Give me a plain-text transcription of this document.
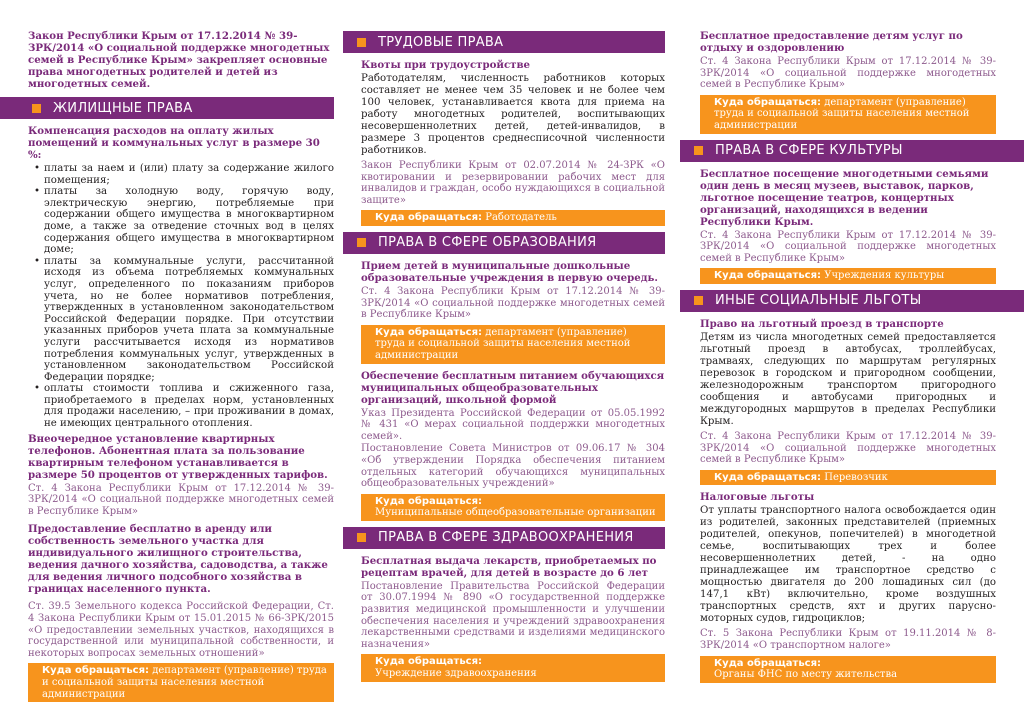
Закон Республики Крым от 17.12.2014 № 39-ЗРК/2014 «О социальной поддержке многодетных семей в Республике Крым» закрепляет основные права многодетных родителей и детей из многодетных семей.

ЖИЛИЩНЫЕ ПРАВА

Компенсация расходов на оплату жилых помещений и коммунальных услуг в размере 30 %:

• платы за наем и (или) плату за содержание жилого помещения;
• платы за холодную воду, горячую воду, электрическую энергию, потребляемые при содержании общего имущества в многоквартирном доме, а также за отведение сточных вод в целях содержания общего имущества в многоквартирном доме;
• платы за коммунальные услуги, рассчитанной исходя из объема потребляемых коммунальных услуг, определенного по показаниям приборов учета, но не более нормативов потребления, утвержденных в установленном законодательством Российской Федерации порядке. При отсутствии указанных приборов учета плата за коммунальные услуги рассчитывается исходя из нормативов потребления коммунальных услуг, утвержденных в установленном законодательством Российской Федерации порядке;
• оплаты стоимости топлива и сжиженного газа, приобретаемого в пределах норм, установленных для продажи населению, – при проживании в домах, не имеющих центрального отопления.

Внеочередное установление квартирных телефонов. Абонентная плата за пользование квартирным телефоном устанавливается в размере 50 процентов от утвержденных тарифов.

Ст. 4 Закона Республики Крым от 17.12.2014 № 39-ЗРК/2014 «О социальной поддержке многодетных семей в Республике Крым»

Предоставление бесплатно в аренду или собственность земельного участка для индивидуального жилищного строительства, ведения дачного хозяйства, садоводства, а также для ведения личного подсобного хозяйства в границах населенного пункта.

Ст. 39.5 Земельного кодекса Российской Федерации, Ст. 4 Закона Республики Крым от 15.01.2015 № 66-ЗРК/2015 «О предоставлении земельных участков, находящихся в государственной или муниципальной собственности, и некоторых вопросах земельных отношений»

Куда обращаться: департамент (управление) труда и социальной защиты населения местной администрации
ТРУДОВЫЕ ПРАВА

Квоты при трудоустройстве

Работодателям, численность работников которых составляет не менее чем 35 человек и не более чем 100 человек, устанавливается квота для приема на работу многодетных родителей, воспитывающих несовершеннолетних детей, детей-инвалидов, в размере 3 процентов среднесписочной численности работников.

Закон Республики Крым от 02.07.2014 № 24-ЗРК «О квотировании и резервировании рабочих мест для инвалидов и граждан, особо нуждающихся в социальной защите»

Куда обращаться: Работодатель
ПРАВА В СФЕРЕ ОБРАЗОВАНИЯ

Прием детей в муниципальные дошкольные образовательные учреждения в первую очередь.

Ст. 4 Закона Республики Крым от 17.12.2014 № 39-ЗРК/2014 «О социальной поддержке многодетных семей в Республике Крым»

Куда обращаться: департамент (управление) труда и социальной защиты населения местной администрации

Обеспечение бесплатным питанием обучающихся муниципальных общеобразовательных организаций, школьной формой

Указ Президента Российской Федерации от 05.05.1992 № 431 «О мерах социальной поддержки многодетных семей».

Постановление Совета Министров от 09.06.17 № 304 «Об утверждении Порядка обеспечения питанием отдельных категорий обучающихся муниципальных общеобразовательных учреждений»

Куда обращаться:
Муниципальные общеобразовательные организации
ПРАВА В СФЕРЕ ЗДРАВООХРАНЕНИЯ

Бесплатная выдача лекарств, приобретаемых по рецептам врачей, для детей в возрасте до 6 лет

Постановление Правительства Российской Федерации от 30.07.1994 № 890 «О государственной поддержке развития медицинской промышленности и улучшении обеспечения населения и учреждений здравоохранения лекарственными средствами и изделиями медицинского назначения»

Куда обращаться:
Учреждение здравоохранения

Бесплатное предоставление детям услуг по отдыху и оздоровлению

Ст. 4 Закона Республики Крым от 17.12.2014 № 39-ЗРК/2014 «О социальной поддержке многодетных семей в Республике Крым»

Куда обращаться: департамент (управление) труда и социальной защиты населения местной администрации
ПРАВА В СФЕРЕ КУЛЬТУРЫ

Бесплатное посещение многодетными семьями один день в месяц музеев, выставок, парков, льготное посещение театров, концертных организаций, находящихся в ведении Республики Крым.

Ст. 4 Закона Республики Крым от 17.12.2014 № 39-ЗРК/2014 «О социальной поддержке многодетных семей в Республике Крым»

Куда обращаться: Учреждения культуры
ИНЫЕ СОЦИАЛЬНЫЕ ЛЬГОТЫ

Право на льготный проезд в транспорте

Детям из числа многодетных семей предоставляется льготный проезд в автобусах, троллейбусах, трамваях, следующих по маршрутам регулярных перевозок в городском и пригородном сообщении, железнодорожным транспортом пригородного сообщения и автобусами пригородных и междугородных маршрутов в пределах Республики Крым.

Ст. 4 Закона Республики Крым от 17.12.2014 № 39-ЗРК/2014 «О социальной поддержке многодетных семей в Республике Крым»

Куда обращаться: Перевозчик

Налоговые льготы

От уплаты транспортного налога освобождается один из родителей, законных представителей (приемных родителей, опекунов, попечителей) в многодетной семье, воспитывающих трех и более несовершеннолетних детей, - на одно принадлежащее им транспортное средство с мощностью двигателя до 200 лошадиных сил (до 147,1 кВт) включительно, кроме воздушных транспортных средств, яхт и других парусно-моторных судов, гидроциклов;

Ст. 5 Закона Республики Крым от 19.11.2014 № 8-ЗРК/2014 «О транспортном налоге»

Куда обращаться:
Органы ФНС по месту жительства
